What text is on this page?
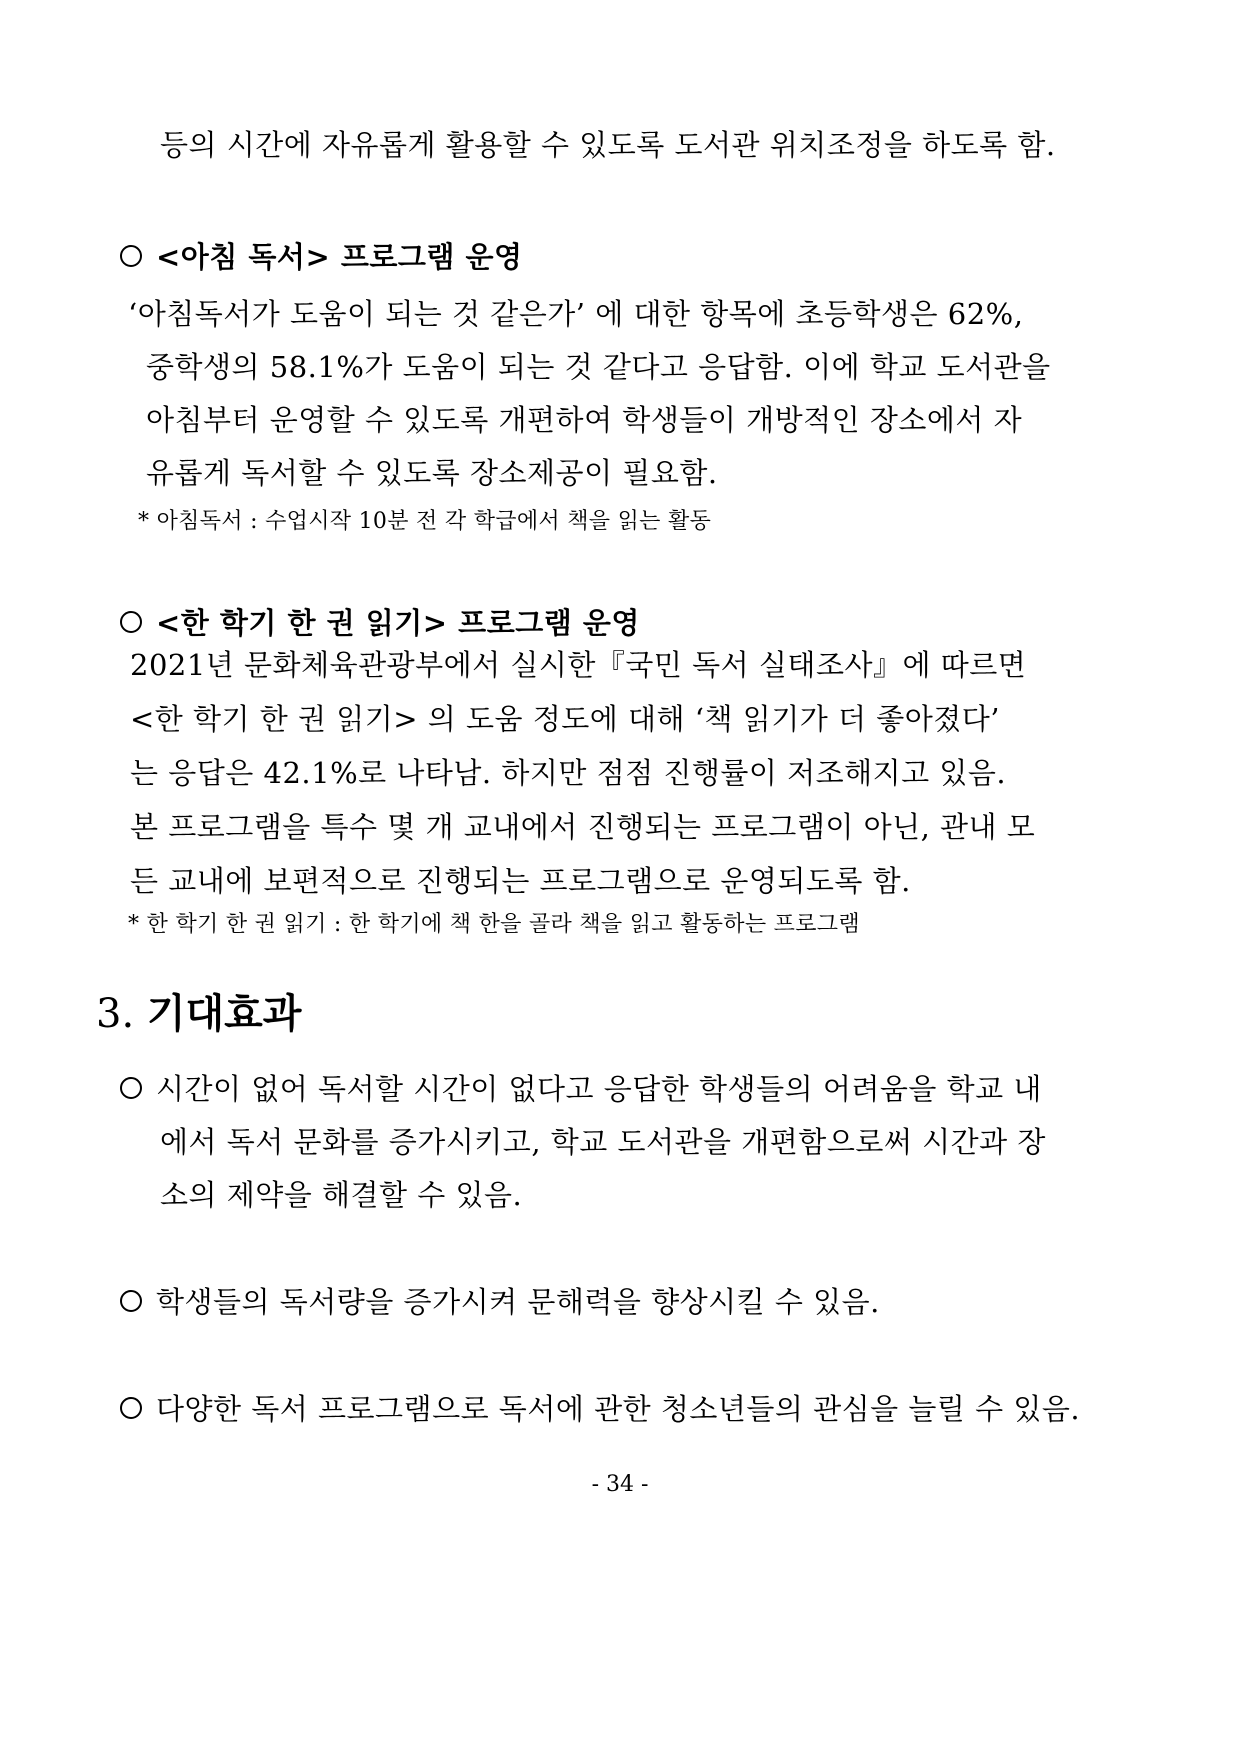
등의 시간에 자유롭게 활용할 수 있도록 도서관 위치조정을 하도록 함.
<아침 독서> 프로그램 운영
‘아침독서가 도움이 되는 것 같은가’ 에 대한 항목에 초등학생은 62%,
중학생의 58.1%가 도움이 되는 것 같다고 응답함. 이에 학교 도서관을
아침부터 운영할 수 있도록 개편하여 학생들이 개방적인 장소에서 자
유롭게 독서할 수 있도록 장소제공이 필요함.
* 아침독서 : 수업시작 10분 전 각 학급에서 책을 읽는 활동
<한 학기 한 권 읽기> 프로그램 운영
2021년 문화체육관광부에서 실시한『국민 독서 실태조사』에 따르면
<한 학기 한 권 읽기> 의 도움 정도에 대해 ‘책 읽기가 더 좋아졌다’
는 응답은 42.1%로 나타남. 하지만 점점 진행률이 저조해지고 있음.
본 프로그램을 특수 몇 개 교내에서 진행되는 프로그램이 아닌, 관내 모
든 교내에 보편적으로 진행되는 프로그램으로 운영되도록 함.
* 한 학기 한 권 읽기 : 한 학기에 책 한을 골라 책을 읽고 활동하는 프로그램
3. 기대효과
시간이 없어 독서할 시간이 없다고 응답한 학생들의 어려움을 학교 내
에서 독서 문화를 증가시키고, 학교 도서관을 개편함으로써 시간과 장
소의 제약을 해결할 수 있음.
학생들의 독서량을 증가시켜 문해력을 향상시킬 수 있음.
다양한 독서 프로그램으로 독서에 관한 청소년들의 관심을 늘릴 수 있음.
- 34 -
